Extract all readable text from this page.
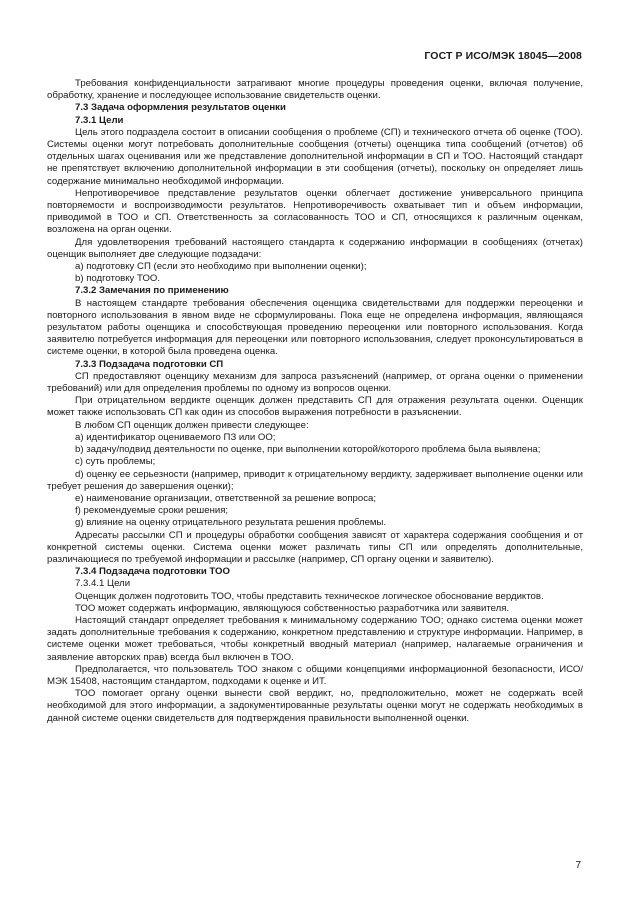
ГОСТ Р ИСО/МЭК 18045—2008

Требования конфиденциальности затрагивают многие процедуры проведения оценки, включая получение, обработку, хранение и последующее использование свидетельств оценки.

7.3 Задача оформления результатов оценки

7.3.1 Цели

Цель этого подраздела состоит в описании сообщения о проблеме (СП) и технического отчета об оценке (ТОО). Системы оценки могут потребовать дополнительные сообщения (отчеты) оценщика типа сообщений (отчетов) об отдельных шагах оценивания или же представление дополнительной информации в СП и ТОО. Настоящий стандарт не препятствует включению дополнительной информации в эти сообщения (отчеты), поскольку он определяет лишь содержание минимально необходимой информации.

Непротиворечивое представление результатов оценки облегчает достижение универсального принципа повторяемости и воспроизводимости результатов. Непротиворечивость охватывает тип и объем информации, приводимой в ТОО и СП. Ответственность за согласованность ТОО и СП, относящихся к различным оценкам, возложена на орган оценки.

Для удовлетворения требований настоящего стандарта к содержанию информации в сообщениях (отчетах) оценщик выполняет две следующие подзадачи:

a) подготовку СП (если это необходимо при выполнении оценки);

b) подготовку ТОО.

7.3.2 Замечания по применению

В настоящем стандарте требования обеспечения оценщика свидетельствами для поддержки переоценки и повторного использования в явном виде не сформулированы. Пока еще не определена информация, являющаяся результатом работы оценщика и способствующая проведению переоценки или повторного использования. Когда заявителю потребуется информация для переоценки или повторного использования, следует проконсультироваться в системе оценки, в которой была проведена оценка.

7.3.3 Подзадача подготовки СП

СП предоставляют оценщику механизм для запроса разъяснений (например, от органа оценки о применении требований) или для определения проблемы по одному из вопросов оценки.

При отрицательном вердикте оценщик должен представить СП для отражения результата оценки. Оценщик может также использовать СП как один из способов выражения потребности в разъяснении.

В любом СП оценщик должен привести следующее:

a) идентификатор оцениваемого ПЗ или ОО;

b) задачу/подвид деятельности по оценке, при выполнении которой/которого проблема была выявлена;

c) суть проблемы;

d) оценку ее серьезности (например, приводит к отрицательному вердикту, задерживает выполнение оценки или требует решения до завершения оценки);

e) наименование организации, ответственной за решение вопроса;

f) рекомендуемые сроки решения;

g) влияние на оценку отрицательного результата решения проблемы.

Адресаты рассылки СП и процедуры обработки сообщения зависят от характера содержания сообщения и от конкретной системы оценки. Система оценки может различать типы СП или определять дополнительные, различающиеся по требуемой информации и рассылке (например, СП органу оценки и заявителю).

7.3.4 Подзадача подготовки ТОО

7.3.4.1 Цели

Оценщик должен подготовить ТОО, чтобы представить техническое логическое обоснование вердиктов.

ТОО может содержать информацию, являющуюся собственностью разработчика или заявителя.

Настоящий стандарт определяет требования к минимальному содержанию ТОО; однако система оценки может задать дополнительные требования к содержанию, конкретном представлению и структуре информации. Например, в системе оценки может требоваться, чтобы конкретный вводный материал (например, налагаемые ограничения и заявление авторских прав) всегда был включен в ТОО.

Предполагается, что пользователь ТОО знаком с общими концепциями информационной безопасности, ИСО/МЭК 15408, настоящим стандартом, подходами к оценке и ИТ.

ТОО помогает органу оценки вынести свой вердикт, но, предположительно, может не содержать всей необходимой для этого информации, а задокументированные результаты оценки могут не содержать необходимых в данной системе оценки свидетельств для подтверждения правильности выполненной оценки.

7
